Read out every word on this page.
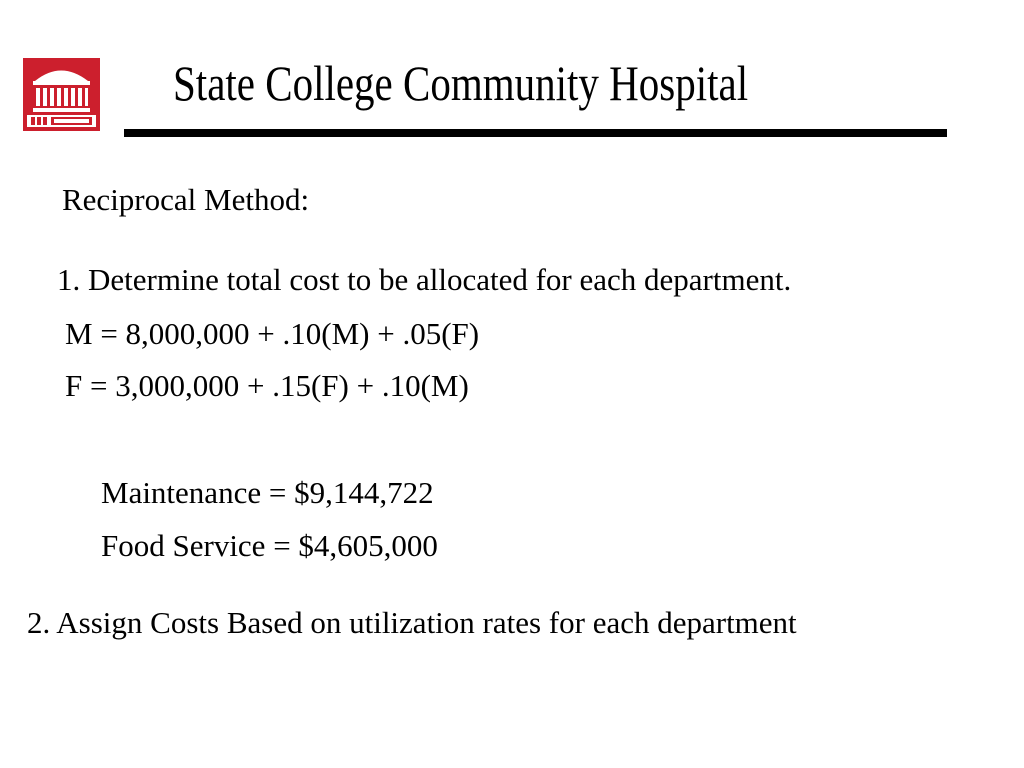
State College Community Hospital
Reciprocal Method:
1. Determine total cost to be allocated for each department.
M = 8,000,000 + .10(M) + .05(F)
F = 3,000,000 + .15(F) + .10(M)
Maintenance = $9,144,722
Food Service = $4,605,000
2. Assign Costs Based on utilization rates for each department
